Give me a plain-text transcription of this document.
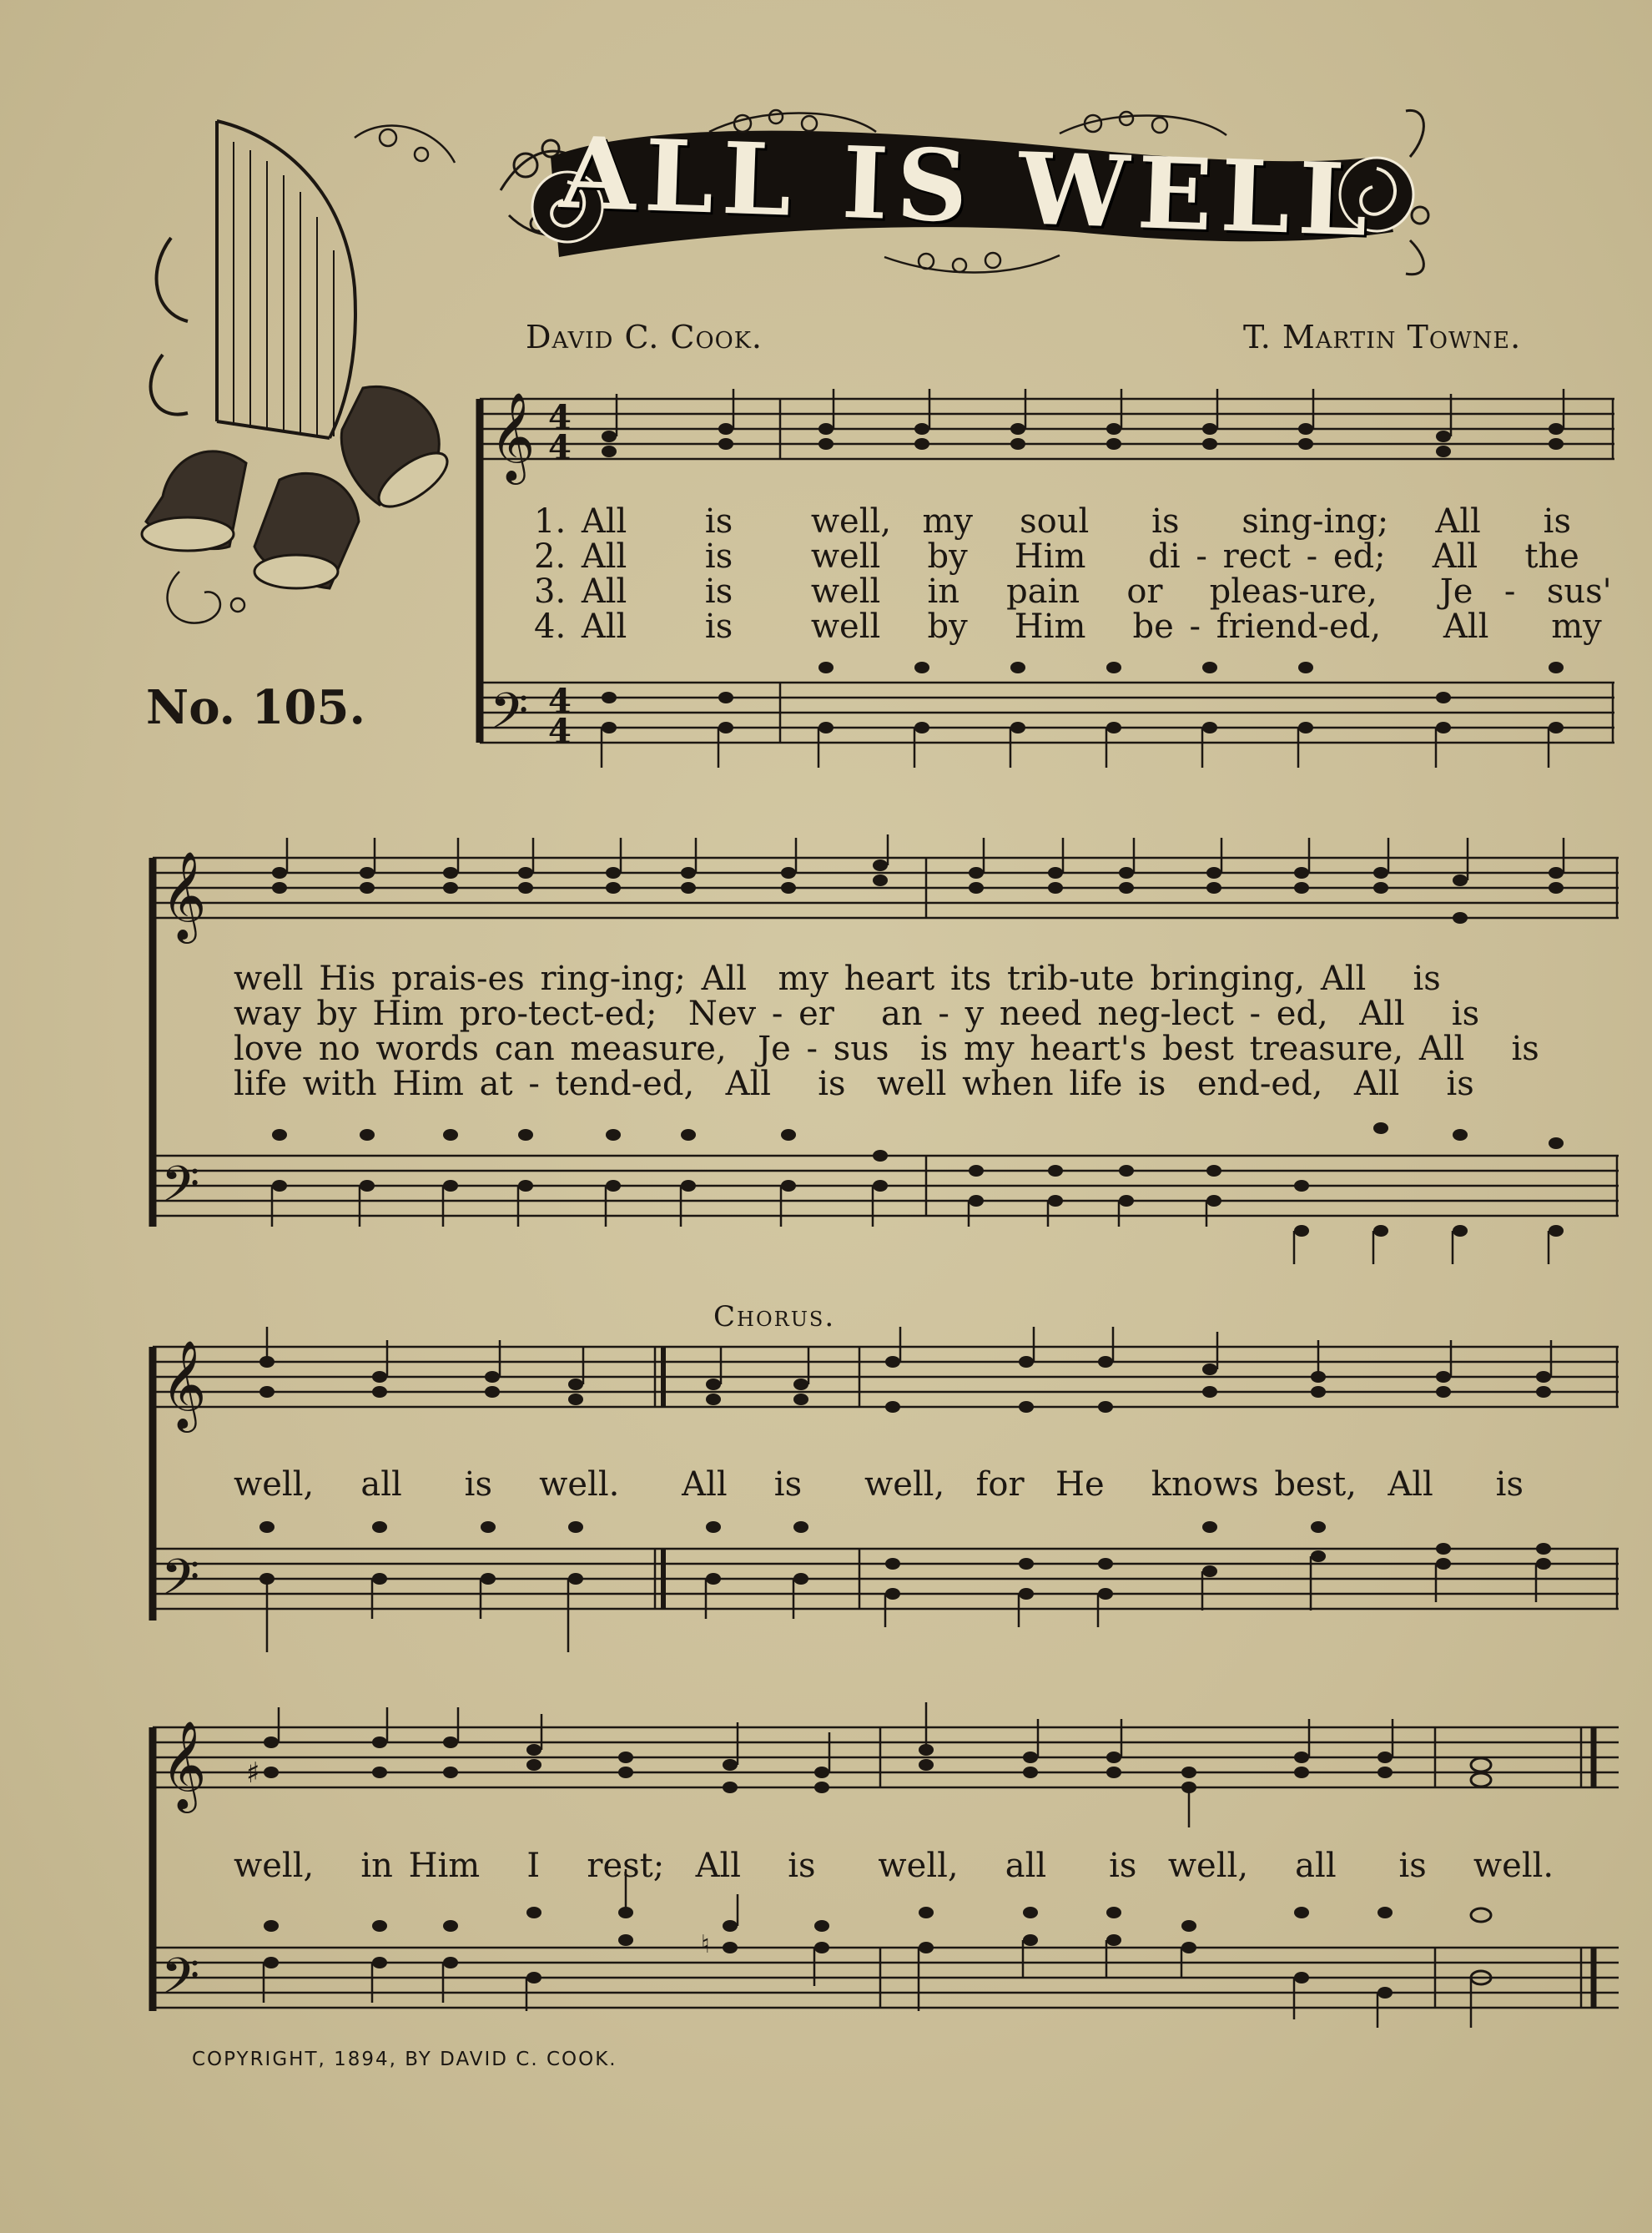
ALL IS WELL
David C. Cook.	T. Martin Towne.
No. 105.
𝄞
𝄢
4
4
4
4
1. All     is     well,  my   soul    is    sing-ing;   All    is
2. All     is     well   by   Him    di - rect - ed;   All   the
3. All     is     well   in   pain   or   pleas-ure,    Je  -  sus'
4. All     is     well   by   Him   be - friend-ed,    All    my
𝄞
𝄢
well His prais-es ring-ing; All  my heart its trib-ute bringing, All   is
way by Him pro-tect-ed;  Nev - er   an - y need neg-lect - ed,  All   is
love no words can measure,  Je - sus  is my heart's best treasure, All   is
life with Him at - tend-ed,  All   is  well when life is  end-ed,  All   is
Chorus.
𝄞
𝄢
well,   all    is   well.    All   is    well,  for  He   knows best,  All    is
𝄞
𝄢
♯
♮
well,   in Him   I   rest;  All   is    well,   all    is  well,   all    is   well.
COPYRIGHT, 1894, BY DAVID C. COOK.
